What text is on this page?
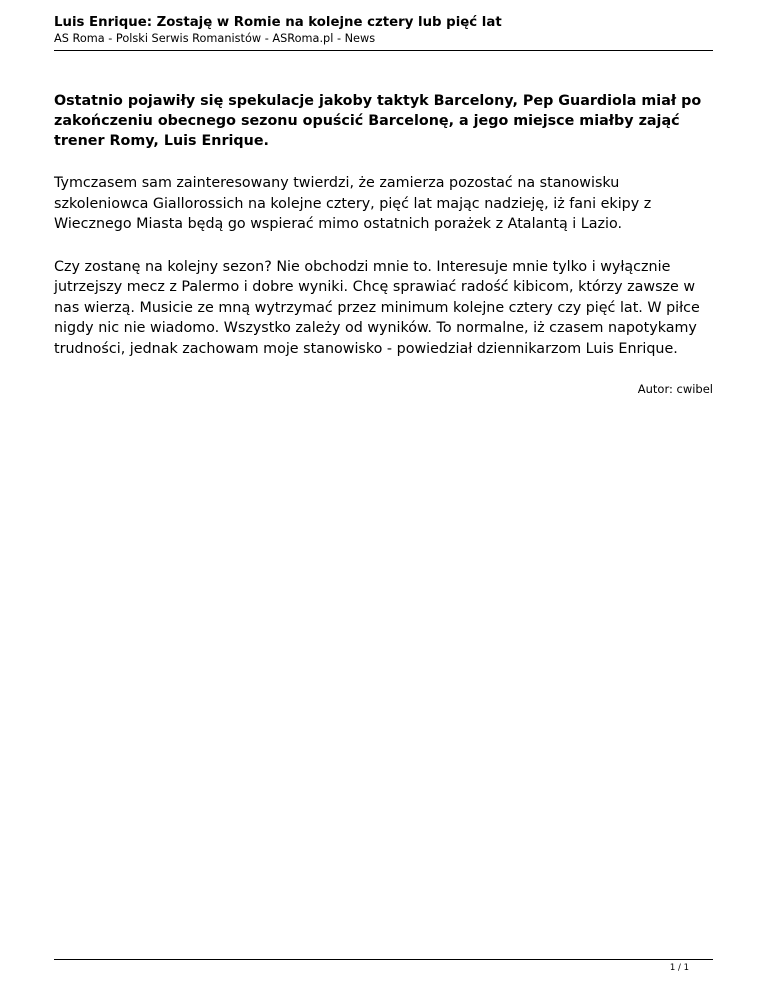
Luis Enrique: Zostaję w Romie na kolejne cztery lub pięć lat
AS Roma - Polski Serwis Romanistów - ASRoma.pl - News

Ostatnio pojawiły się spekulacje jakoby taktyk Barcelony, Pep Guardiola miał po zakończeniu obecnego sezonu opuścić Barcelonę, a jego miejsce miałby zająć trener Romy, Luis Enrique.

Tymczasem sam zainteresowany twierdzi, że zamierza pozostać na stanowisku szkoleniowca Giallorossich na kolejne cztery, pięć lat mając nadzieję, iż fani ekipy z Wiecznego Miasta będą go wspierać mimo ostatnich porażek z Atalantą i Lazio.

Czy zostanę na kolejny sezon? Nie obchodzi mnie to. Interesuje mnie tylko i wyłącznie jutrzejszy mecz z Palermo i dobre wyniki. Chcę sprawiać radość kibicom, którzy zawsze w nas wierzą. Musicie ze mną wytrzymać przez minimum kolejne cztery czy pięć lat. W piłce nigdy nic nie wiadomo. Wszystko zależy od wyników. To normalne, iż czasem napotykamy trudności, jednak zachowam moje stanowisko - powiedział dziennikarzom Luis Enrique.

Autor: cwibel
1 / 1
